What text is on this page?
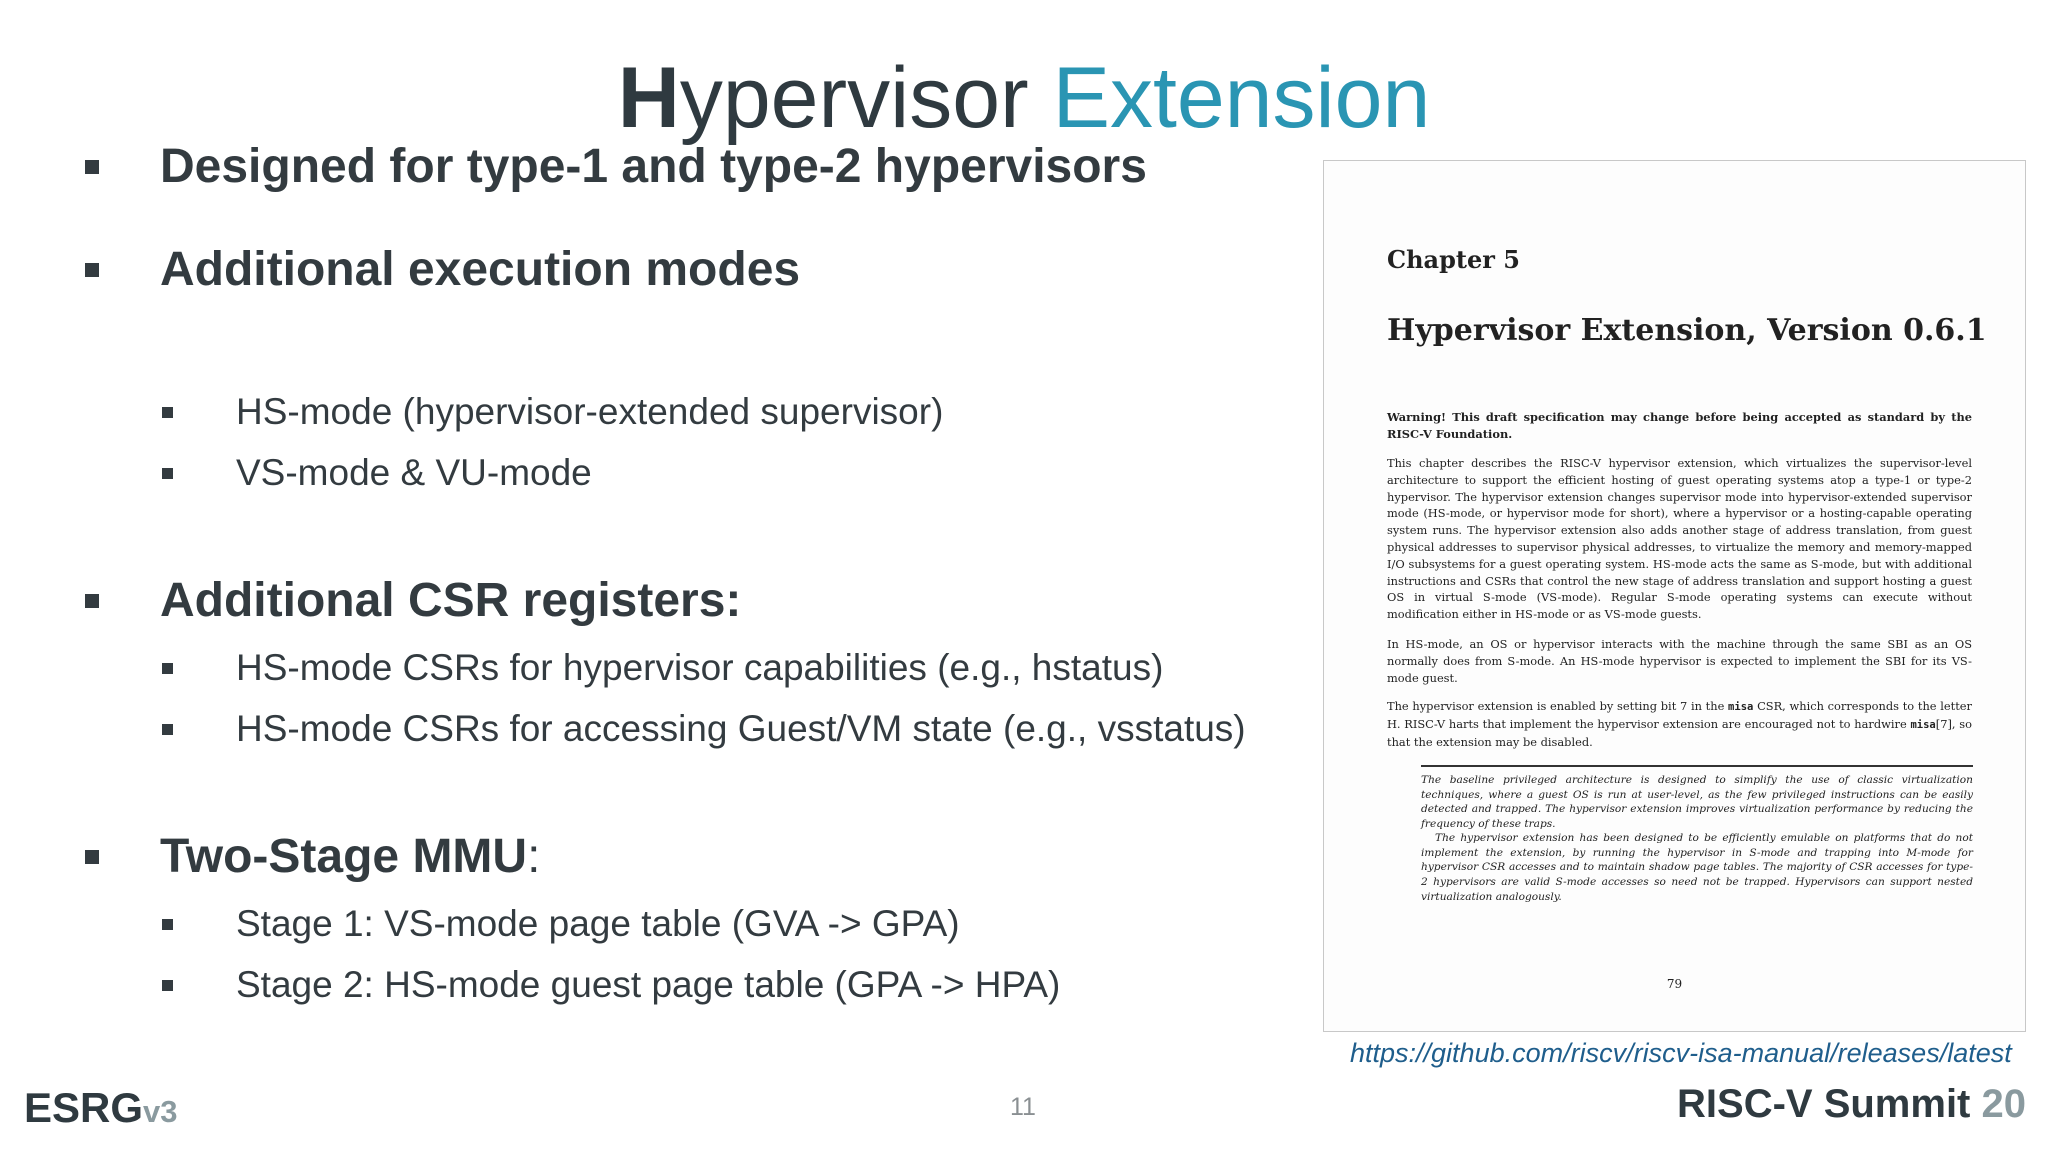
Hypervisor Extension
Designed for type-1 and type-2 hypervisors
Additional execution modes
HS-mode (hypervisor-extended supervisor)
VS-mode & VU-mode
Additional CSR registers:
HS-mode CSRs for hypervisor capabilities (e.g., hstatus)
HS-mode CSRs for accessing Guest/VM state (e.g., vsstatus)
Two-Stage MMU:
Stage 1: VS-mode page table (GVA -> GPA)
Stage 2: HS-mode guest page table (GPA -> HPA)
Chapter 5
Hypervisor Extension, Version 0.6.1
Warning! This draft specification may change before being accepted as standard by the RISC-V Foundation.
This chapter describes the RISC-V hypervisor extension, which virtualizes the supervisor-level architecture to support the efficient hosting of guest operating systems atop a type-1 or type-2 hypervisor. The hypervisor extension changes supervisor mode into hypervisor-extended supervisor mode (HS-mode, or hypervisor mode for short), where a hypervisor or a hosting-capable operating system runs. The hypervisor extension also adds another stage of address translation, from guest physical addresses to supervisor physical addresses, to virtualize the memory and memory-mapped I/O subsystems for a guest operating system. HS-mode acts the same as S-mode, but with additional instructions and CSRs that control the new stage of address translation and support hosting a guest OS in virtual S-mode (VS-mode). Regular S-mode operating systems can execute without modification either in HS-mode or as VS-mode guests.
In HS-mode, an OS or hypervisor interacts with the machine through the same SBI as an OS normally does from S-mode. An HS-mode hypervisor is expected to implement the SBI for its VS-mode guest.
The hypervisor extension is enabled by setting bit 7 in the misa CSR, which corresponds to the letter H. RISC-V harts that implement the hypervisor extension are encouraged not to hardwire misa[7], so that the extension may be disabled.
The baseline privileged architecture is designed to simplify the use of classic virtualization techniques, where a guest OS is run at user-level, as the few privileged instructions can be easily detected and trapped. The hypervisor extension improves virtualization performance by reducing the frequency of these traps.
The hypervisor extension has been designed to be efficiently emulable on platforms that do not implement the extension, by running the hypervisor in S-mode and trapping into M-mode for hypervisor CSR accesses and to maintain shadow page tables. The majority of CSR accesses for type-2 hypervisors are valid S-mode accesses so need not be trapped. Hypervisors can support nested virtualization analogously.
79
https://github.com/riscv/riscv-isa-manual/releases/latest
ESRGv3	11	RISC-V Summit 20
